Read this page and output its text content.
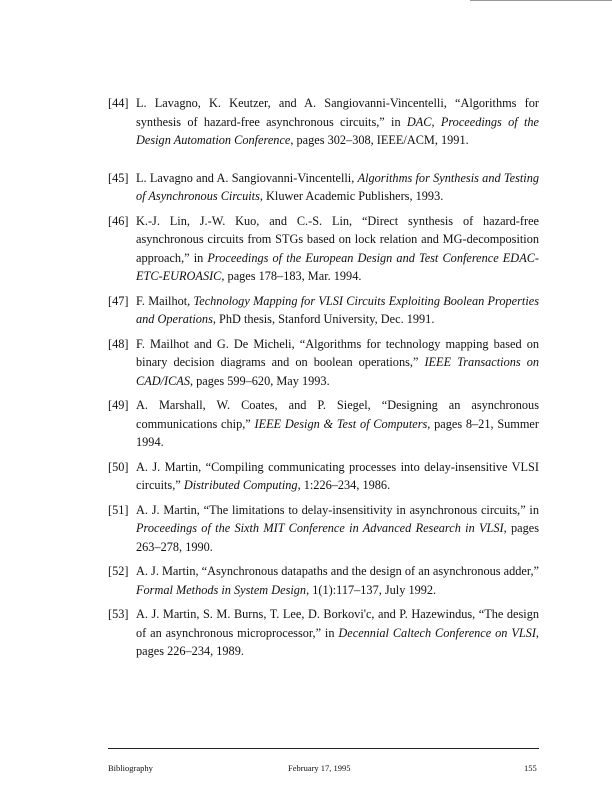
[44] L. Lavagno, K. Keutzer, and A. Sangiovanni-Vincentelli, “Algorithms for synthesis of hazard-free asynchronous circuits,” in DAC, Proceedings of the Design Automation Conference, pages 302–308, IEEE/ACM, 1991.
[45] L. Lavagno and A. Sangiovanni-Vincentelli, Algorithms for Synthesis and Testing of Asynchronous Circuits, Kluwer Academic Publishers, 1993.
[46] K.-J. Lin, J.-W. Kuo, and C.-S. Lin, “Direct synthesis of hazard-free asynchronous circuits from STGs based on lock relation and MG-decomposition approach,” in Proceedings of the European Design and Test Conference EDAC-ETC-EUROASIC, pages 178–183, Mar. 1994.
[47] F. Mailhot, Technology Mapping for VLSI Circuits Exploiting Boolean Properties and Operations, PhD thesis, Stanford University, Dec. 1991.
[48] F. Mailhot and G. De Micheli, “Algorithms for technology mapping based on binary decision diagrams and on boolean operations,” IEEE Transactions on CAD/ICAS, pages 599–620, May 1993.
[49] A. Marshall, W. Coates, and P. Siegel, “Designing an asynchronous communications chip,” IEEE Design & Test of Computers, pages 8–21, Summer 1994.
[50] A. J. Martin, “Compiling communicating processes into delay-insensitive VLSI circuits,” Distributed Computing, 1:226–234, 1986.
[51] A. J. Martin, “The limitations to delay-insensitivity in asynchronous circuits,” in Proceedings of the Sixth MIT Conference in Advanced Research in VLSI, pages 263–278, 1990.
[52] A. J. Martin, “Asynchronous datapaths and the design of an asynchronous adder,” Formal Methods in System Design, 1(1):117–137, July 1992.
[53] A. J. Martin, S. M. Burns, T. Lee, D. Borkovi'c, and P. Hazewindus, “The design of an asynchronous microprocessor,” in Decennial Caltech Conference on VLSI, pages 226–234, 1989.
Bibliography	February 17, 1995	155
